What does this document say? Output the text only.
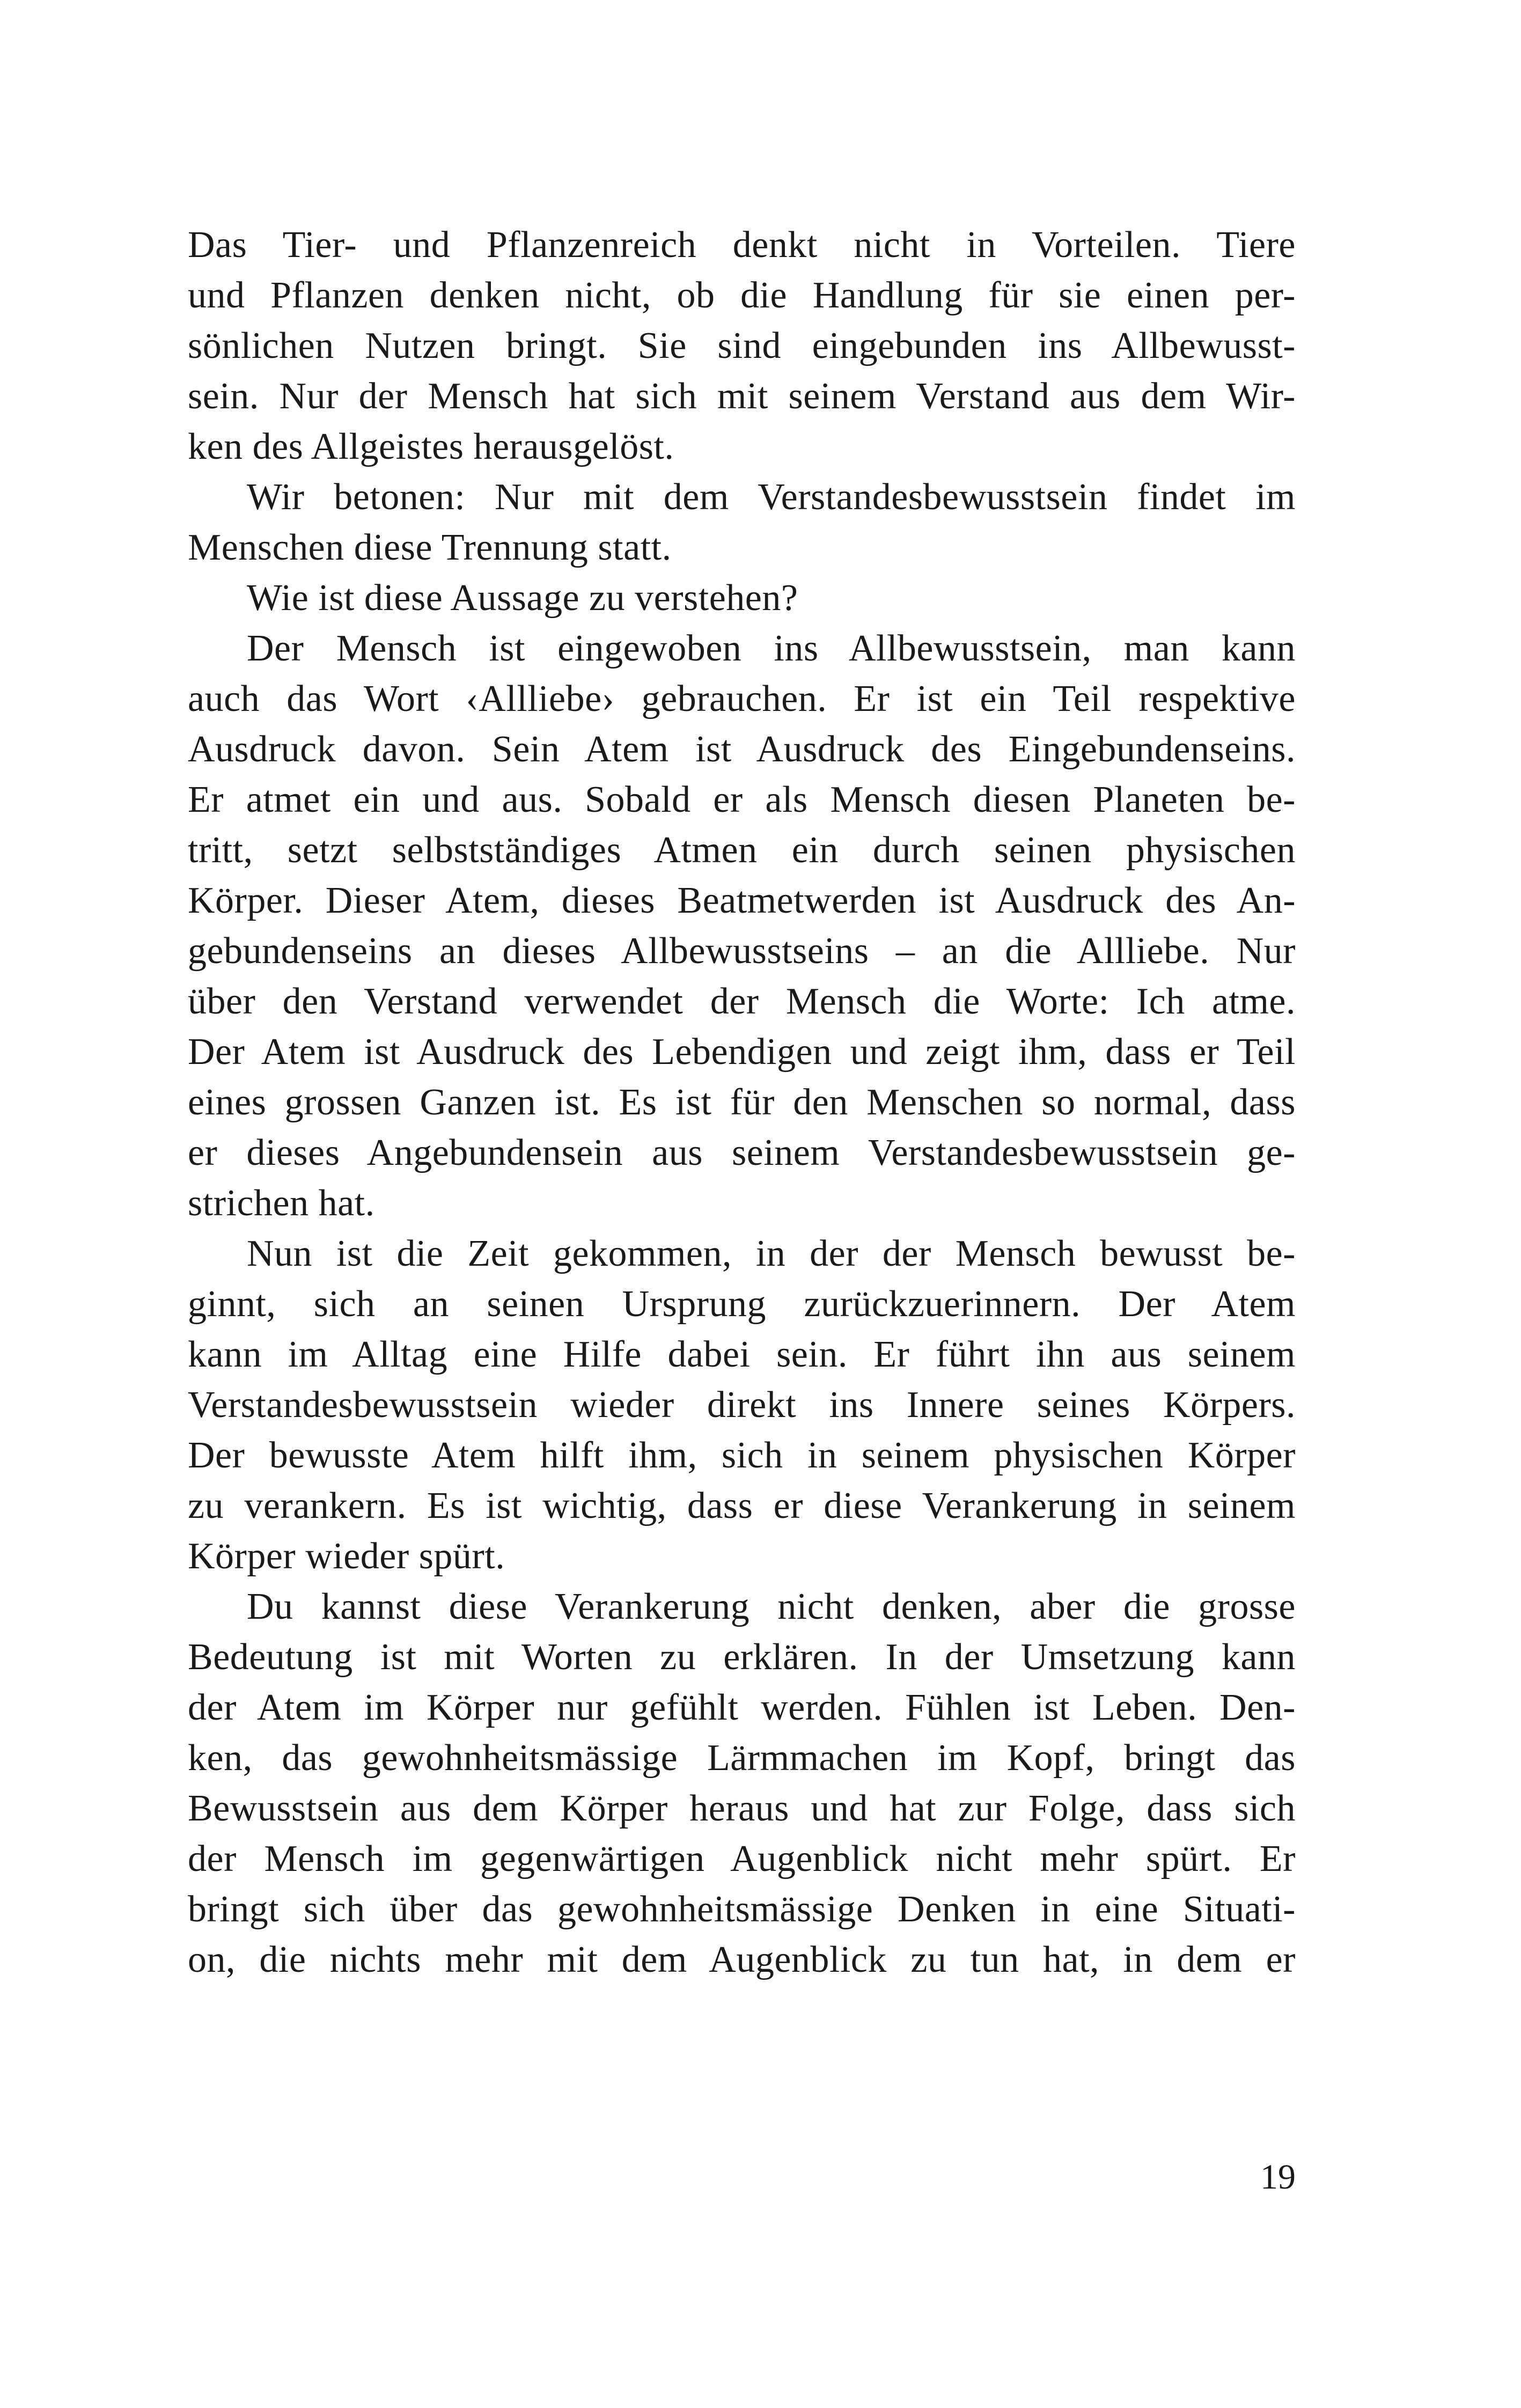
Das Tier- und Pflanzenreich denkt nicht in Vorteilen. Tiere
und Pflanzen denken nicht, ob die Handlung für sie einen per-
sönlichen Nutzen bringt. Sie sind eingebunden ins Allbewusst-
sein. Nur der Mensch hat sich mit seinem Verstand aus dem Wir-
ken des Allgeistes herausgelöst.
Wir betonen: Nur mit dem Verstandesbewusstsein findet im
Menschen diese Trennung statt.
Wie ist diese Aussage zu verstehen?
Der Mensch ist eingewoben ins Allbewusstsein, man kann
auch das Wort ‹Allliebe› gebrauchen. Er ist ein Teil respektive
Ausdruck davon. Sein Atem ist Ausdruck des Eingebundenseins.
Er atmet ein und aus. Sobald er als Mensch diesen Planeten be-
tritt, setzt selbstständiges Atmen ein durch seinen physischen
Körper. Dieser Atem, dieses Beatmetwerden ist Ausdruck des An-
gebundenseins an dieses Allbewusstseins – an die Allliebe. Nur
über den Verstand verwendet der Mensch die Worte: Ich atme.
Der Atem ist Ausdruck des Lebendigen und zeigt ihm, dass er Teil
eines grossen Ganzen ist. Es ist für den Menschen so normal, dass
er dieses Angebundensein aus seinem Verstandesbewusstsein ge-
strichen hat.
Nun ist die Zeit gekommen, in der der Mensch bewusst be-
ginnt, sich an seinen Ursprung zurückzuerinnern. Der Atem
kann im Alltag eine Hilfe dabei sein. Er führt ihn aus seinem
Verstandesbewusstsein wieder direkt ins Innere seines Körpers.
Der bewusste Atem hilft ihm, sich in seinem physischen Körper
zu verankern. Es ist wichtig, dass er diese Verankerung in seinem
Körper wieder spürt.
Du kannst diese Verankerung nicht denken, aber die grosse
Bedeutung ist mit Worten zu erklären. In der Umsetzung kann
der Atem im Körper nur gefühlt werden. Fühlen ist Leben. Den-
ken, das gewohnheitsmässige Lärmmachen im Kopf, bringt das
Bewusstsein aus dem Körper heraus und hat zur Folge, dass sich
der Mensch im gegenwärtigen Augenblick nicht mehr spürt. Er
bringt sich über das gewohnheitsmässige Denken in eine Situati-
on, die nichts mehr mit dem Augenblick zu tun hat, in dem er
19
